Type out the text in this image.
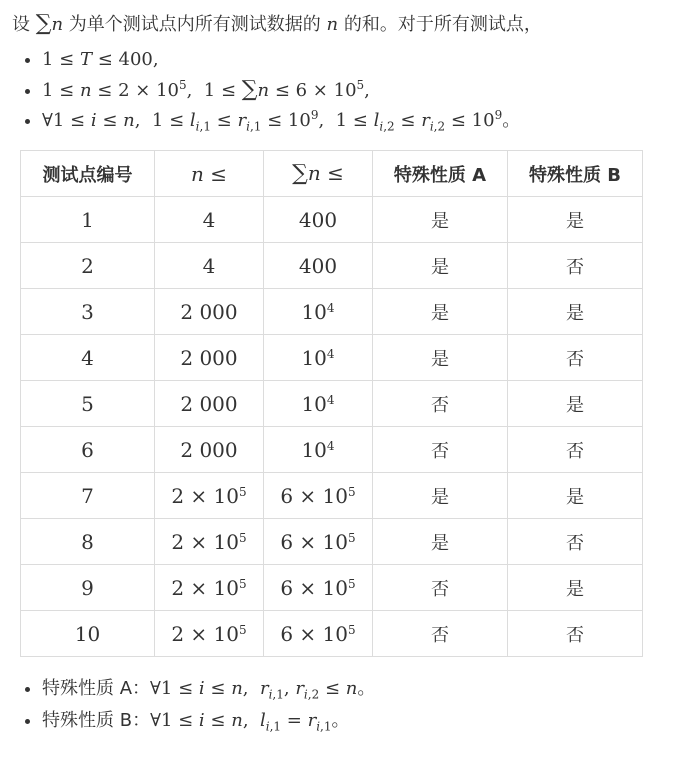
设 ∑n 为单个测试点内所有测试数据的 n 的和。对于所有测试点，

• 1 ≤ T ≤ 400,
• $1 \le n \le 2 \times 10^5$,  $1 \le \sum n \le 6 \times 10^5$,
• ∀1 ≤ i ≤ n,  $1 \le l_{i,1} \le r_{i,1} \le 10^9$,  $1 \le l_{i,2} \le r_{i,2} \le 10^9$。
测试点编号	n ≤	∑n ≤	特殊性质 A	特殊性质 B
1	4	400	是	是
2	4	400	是	否
3	2 000	$10^4$	是	是
4	2 000	$10^4$	是	否
5	2 000	$10^4$	否	是
6	2 000	$10^4$	否	否
7	$2 \times 10^5$	$6 \times 10^5$	是	是
8	$2 \times 10^5$	$6 \times 10^5$	是	否
9	$2 \times 10^5$	$6 \times 10^5$	否	是
10	$2 \times 10^5$	$6 \times 10^5$	否	否
• 特殊性质 A：∀1 ≤ i ≤ n,  $r_{i,1}$, $r_{i,2} \le n$。
• 特殊性质 B：∀1 ≤ i ≤ n,  $l_{i,1} = r_{i,1}$。
